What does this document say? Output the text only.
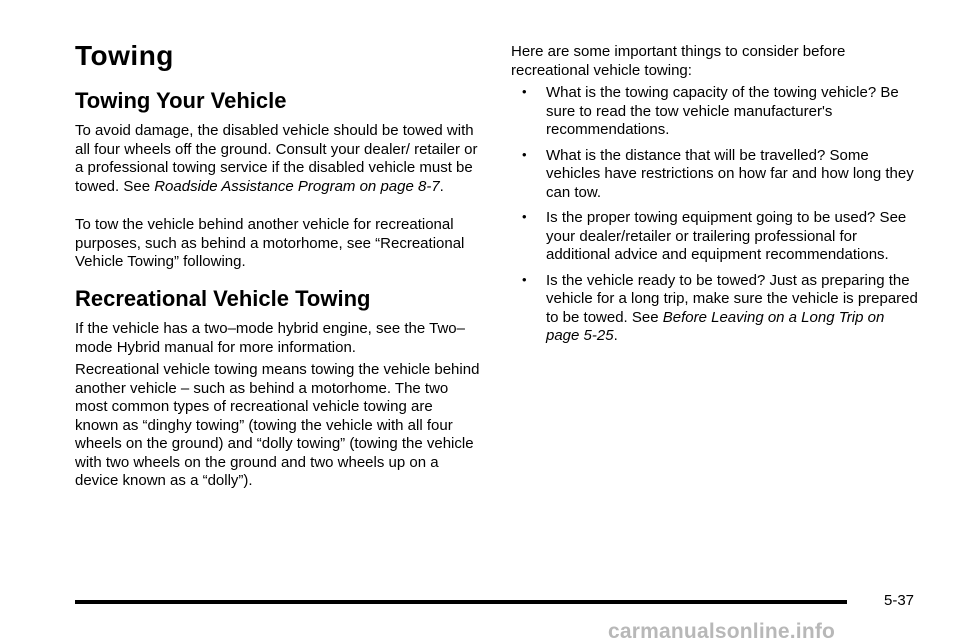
Towing
Towing Your Vehicle

To avoid damage, the disabled vehicle should be towed with all four wheels off the ground. Consult your dealer/ retailer or a professional towing service if the disabled vehicle must be towed. See Roadside Assistance Program on page 8-7.

To tow the vehicle behind another vehicle for recreational purposes, such as behind a motorhome, see “Recreational Vehicle Towing” following.

Recreational Vehicle Towing

If the vehicle has a two–mode hybrid engine, see the Two–mode Hybrid manual for more information.

Recreational vehicle towing means towing the vehicle behind another vehicle – such as behind a motorhome. The two most common types of recreational vehicle towing are known as “dinghy towing” (towing the vehicle with all four wheels on the ground) and “dolly towing” (towing the vehicle with two wheels on the ground and two wheels up on a device known as a “dolly”).

Here are some important things to consider before recreational vehicle towing:

• What is the towing capacity of the towing vehicle? Be sure to read the tow vehicle manufacturer's recommendations.

• What is the distance that will be travelled? Some vehicles have restrictions on how far and how long they can tow.

• Is the proper towing equipment going to be used? See your dealer/retailer or trailering professional for additional advice and equipment recommendations.

• Is the vehicle ready to be towed? Just as preparing the vehicle for a long trip, make sure the vehicle is prepared to be towed. See Before Leaving on a Long Trip on page 5-25.

5-37
carmanualsonline.info
